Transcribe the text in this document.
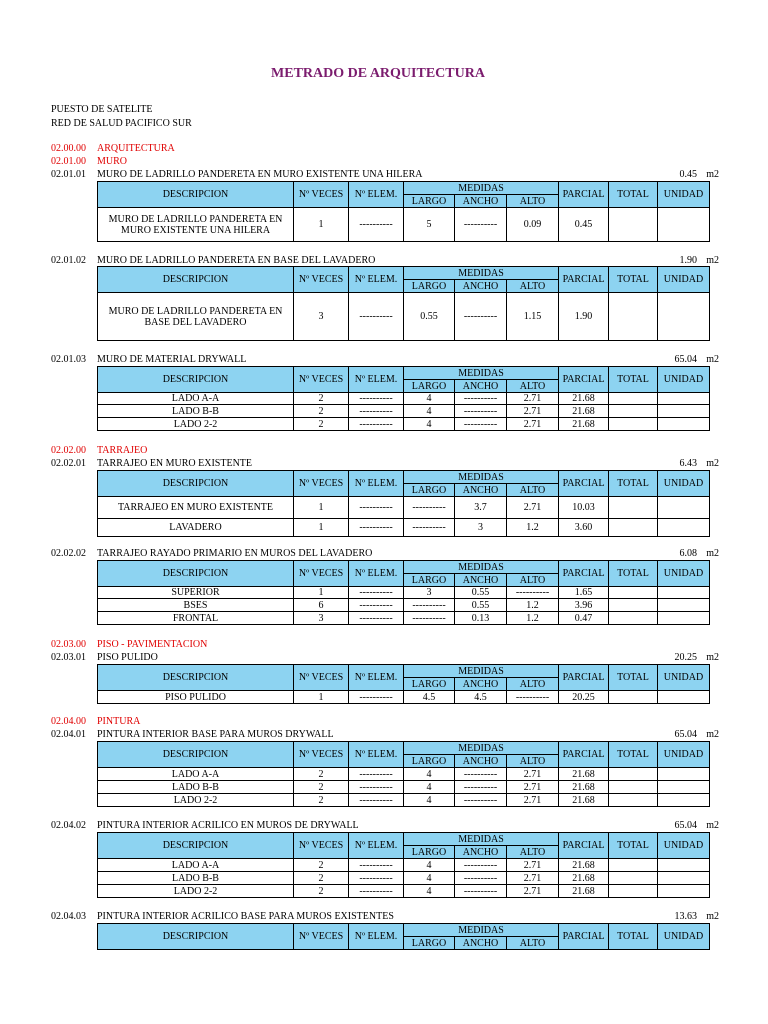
METRADO DE ARQUITECTURA
PUESTO DE SATELITE
RED DE SALUD PACIFICO SUR
02.00.00 ARQUITECTURA
02.01.00 MURO
02.01.01 MURO DE LADRILLO PANDERETA EN MURO EXISTENTE UNA HILERA	0.45 m2
DESCRIPCION	Nº VECES	Nº ELEM.	MEDIDAS			PARCIAL	TOTAL	UNIDAD
			LARGO	ANCHO	ALTO			
MURO DE LADRILLO PANDERETA EN MURO EXISTENTE UNA HILERA	1	----------	5	----------	0.09	0.45		
02.01.02 MURO DE LADRILLO PANDERETA EN BASE DEL LAVADERO	1.90 m2
DESCRIPCION	Nº VECES	Nº ELEM.	MEDIDAS			PARCIAL	TOTAL	UNIDAD
			LARGO	ANCHO	ALTO			
MURO DE LADRILLO PANDERETA EN BASE DEL LAVADERO	3	----------	0.55	----------	1.15	1.90		
02.01.03 MURO DE MATERIAL DRYWALL	65.04 m2
DESCRIPCION	Nº VECES	Nº ELEM.	MEDIDAS			PARCIAL	TOTAL	UNIDAD
			LARGO	ANCHO	ALTO			
LADO A-A	2	----------	4	----------	2.71	21.68		
LADO B-B	2	----------	4	----------	2.71	21.68		
LADO 2-2	2	----------	4	----------	2.71	21.68		
02.02.00 TARRAJEO
02.02.01 TARRAJEO EN MURO EXISTENTE	6.43 m2
DESCRIPCION	Nº VECES	Nº ELEM.	MEDIDAS			PARCIAL	TOTAL	UNIDAD
			LARGO	ANCHO	ALTO			
TARRAJEO EN MURO EXISTENTE	1	----------	----------	3.7	2.71	10.03		
LAVADERO	1	----------	----------	3	1.2	3.60		
02.02.02 TARRAJEO RAYADO PRIMARIO EN MUROS DEL LAVADERO	6.08 m2
DESCRIPCION	Nº VECES	Nº ELEM.	MEDIDAS			PARCIAL	TOTAL	UNIDAD
			LARGO	ANCHO	ALTO			
SUPERIOR	1	----------	3	0.55	----------	1.65		
BSES	6	----------	----------	0.55	1.2	3.96		
FRONTAL	3	----------	----------	0.13	1.2	0.47		
02.03.00 PISO - PAVIMENTACION
02.03.01 PISO PULIDO	20.25 m2
DESCRIPCION	Nº VECES	Nº ELEM.	MEDIDAS			PARCIAL	TOTAL	UNIDAD
			LARGO	ANCHO	ALTO			
PISO PULIDO	1	----------	4.5	4.5	----------	20.25		
02.04.00 PINTURA
02.04.01 PINTURA INTERIOR BASE PARA MUROS DRYWALL	65.04 m2
DESCRIPCION	Nº VECES	Nº ELEM.	MEDIDAS			PARCIAL	TOTAL	UNIDAD
			LARGO	ANCHO	ALTO			
LADO A-A	2	----------	4	----------	2.71	21.68		
LADO B-B	2	----------	4	----------	2.71	21.68		
LADO 2-2	2	----------	4	----------	2.71	21.68		
02.04.02 PINTURA INTERIOR ACRILICO EN MUROS DE DRYWALL	65.04 m2
DESCRIPCION	Nº VECES	Nº ELEM.	MEDIDAS			PARCIAL	TOTAL	UNIDAD
			LARGO	ANCHO	ALTO			
LADO A-A	2	----------	4	----------	2.71	21.68		
LADO B-B	2	----------	4	----------	2.71	21.68		
LADO 2-2	2	----------	4	----------	2.71	21.68		
02.04.03 PINTURA INTERIOR ACRILICO BASE PARA MUROS EXISTENTES	13.63 m2
DESCRIPCION	Nº VECES	Nº ELEM.	MEDIDAS			PARCIAL	TOTAL	UNIDAD
			LARGO	ANCHO	ALTO			
